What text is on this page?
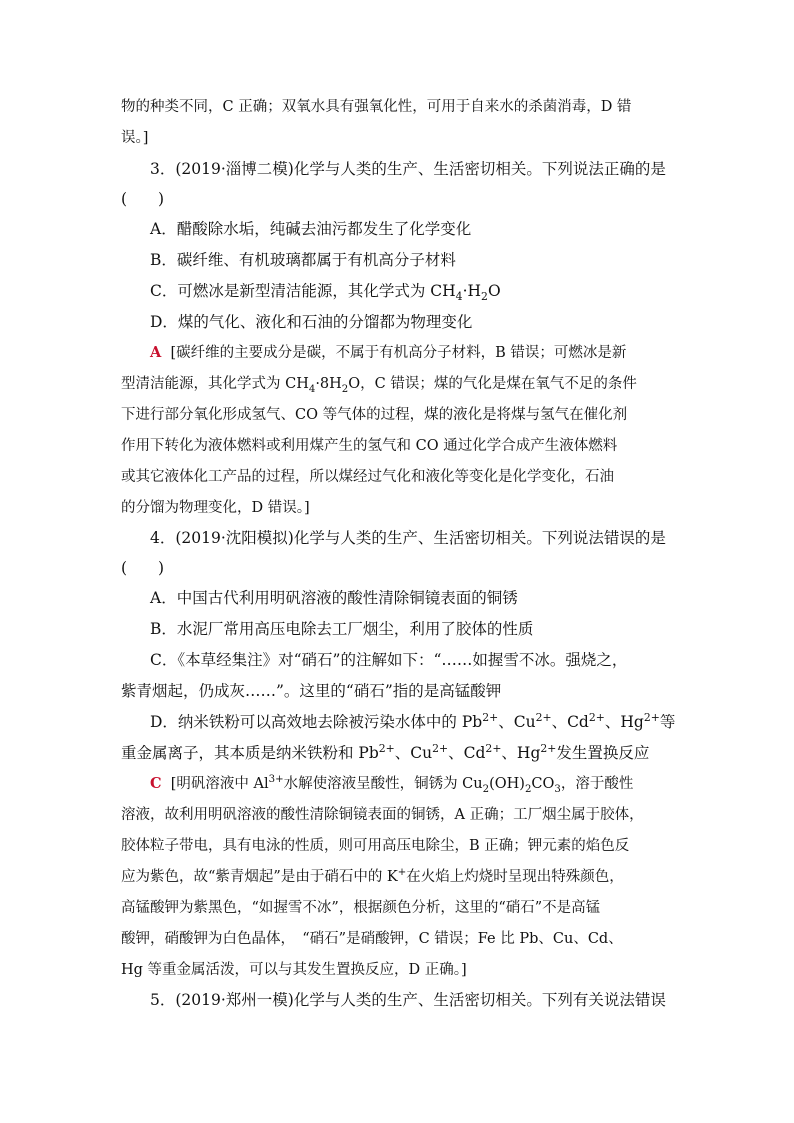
物的种类不同，C 正确；双氧水具有强氧化性，可用于自来水的杀菌消毒，D 错
误。]
3．(2019·淄博二模)化学与人类的生产、生活密切相关。下列说法正确的是
(　　)
A．醋酸除水垢，纯碱去油污都发生了化学变化
B．碳纤维、有机玻璃都属于有机高分子材料
C．可燃冰是新型清洁能源，其化学式为 $CH_4\cdot H_2O$
D．煤的气化、液化和石油的分馏都为物理变化
A [碳纤维的主要成分是碳，不属于有机高分子材料，B 错误；可燃冰是新
型清洁能源，其化学式为 $CH_4\cdot 8H_2O$，C 错误；煤的气化是煤在氧气不足的条件
下进行部分氧化形成氢气、CO 等气体的过程，煤的液化是将煤与氢气在催化剂
作用下转化为液体燃料或利用煤产生的氢气和 CO 通过化学合成产生液体燃料
或其它液体化工产品的过程，所以煤经过气化和液化等变化是化学变化，石油
的分馏为物理变化，D 错误。]
4．(2019·沈阳模拟)化学与人类的生产、生活密切相关。下列说法错误的是
(　　)
A．中国古代利用明矾溶液的酸性清除铜镜表面的铜锈
B．水泥厂常用高压电除去工厂烟尘，利用了胶体的性质
C．《本草经集注》对“硝石”的注解如下：“……如握雪不冰。强烧之，
紫青烟起，仍成灰……”。这里的“硝石”指的是高锰酸钾
D．纳米铁粉可以高效地去除被污染水体中的 $Pb^{2+}$、$Cu^{2+}$、$Cd^{2+}$、$Hg^{2+}$等
重金属离子，其本质是纳米铁粉和 $Pb^{2+}$、$Cu^{2+}$、$Cd^{2+}$、$Hg^{2+}$发生置换反应
C [明矾溶液中 $Al^{3+}$水解使溶液呈酸性，铜锈为 $Cu_2(OH)_2CO_3$，溶于酸性
溶液，故利用明矾溶液的酸性清除铜镜表面的铜锈，A 正确；工厂烟尘属于胶体，
胶体粒子带电，具有电泳的性质，则可用高压电除尘，B 正确；钾元素的焰色反
应为紫色，故“紫青烟起”是由于硝石中的 K+在火焰上灼烧时呈现出特殊颜色，
高锰酸钾为紫黑色，“如握雪不冰”，根据颜色分析，这里的“硝石”不是高锰
酸钾，硝酸钾为白色晶体，　“硝石”是硝酸钾，C 错误；Fe 比 Pb、Cu、Cd、
Hg 等重金属活泼，可以与其发生置换反应，D 正确。]
5．(2019·郑州一模)化学与人类的生产、生活密切相关。下列有关说法错误
